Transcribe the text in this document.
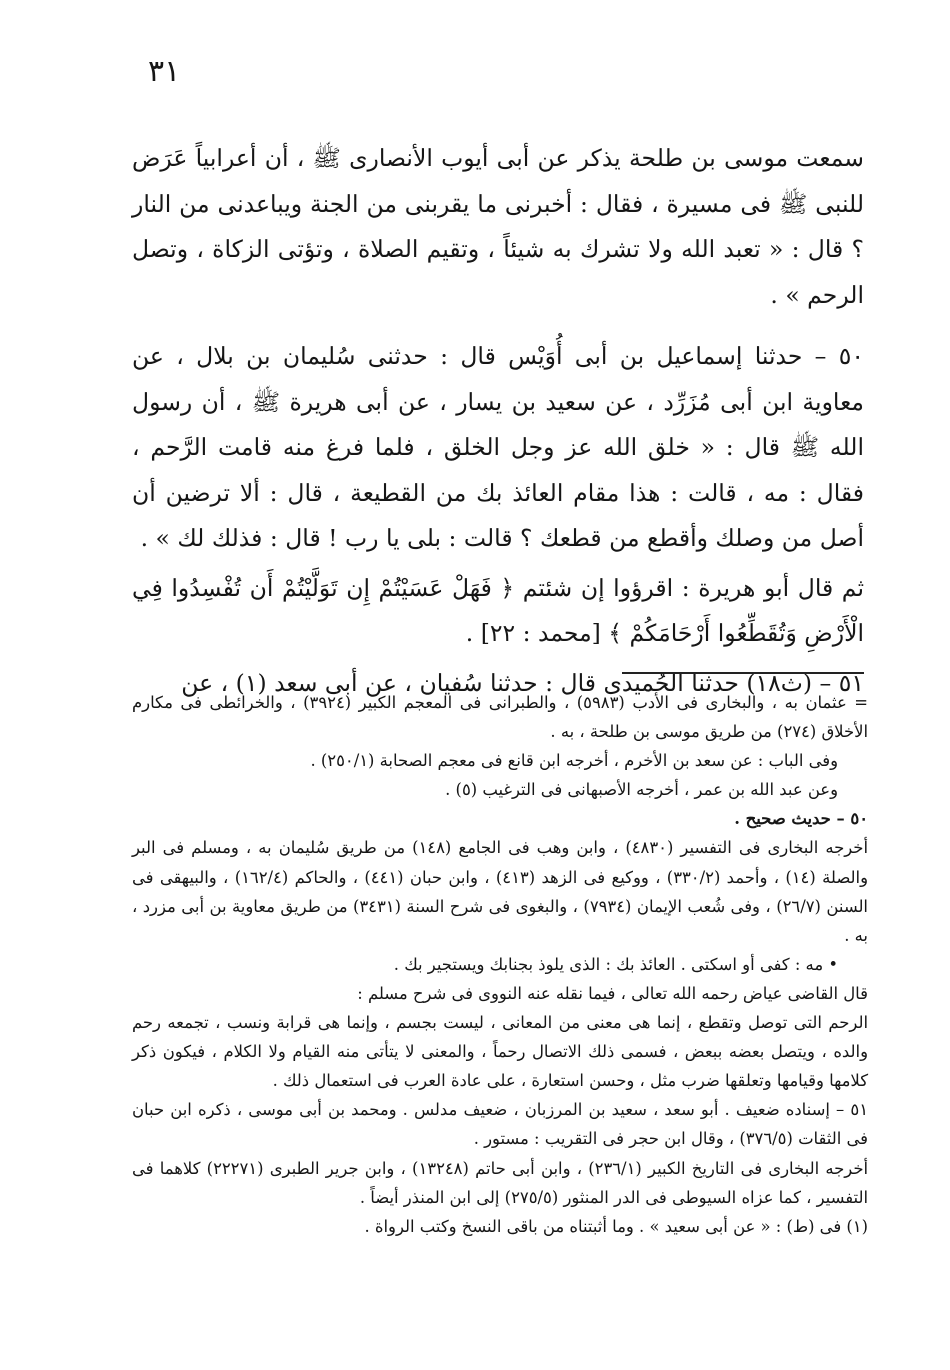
٣١

سمعت موسى بن طلحة يذكر عن أبى أيوب الأنصارى ﷺ ، أن أعرابياً عَرَض للنبى ﷺ فى مسيرة ، فقال : أخبرنى ما يقربنى من الجنة ويباعدنى من النار ؟ قال : « تعبد الله ولا تشرك به شيئاً ، وتقيم الصلاة ، وتؤتى الزكاة ، وتصل الرحم » .

٥٠ – حدثنا إسماعيل بن أبى أُوَيْس قال : حدثنى سُليمان بن بلال ، عن معاوية ابن أبى مُزَرِّد ، عن سعيد بن يسار ، عن أبى هريرة ﷺ ، أن رسول الله ﷺ قال : « خلق الله عز وجل الخلق ، فلما فرغ منه قامت الرَّحم ، فقال : مه ، قالت : هذا مقام العائذ بك من القطيعة ، قال : ألا ترضين أن أصل من وصلك وأقطع من قطعك ؟ قالت : بلى يا رب ! قال : فذلك لك » .

ثم قال أبو هريرة : اقرؤوا إن شئتم ﴿ فَهَلْ عَسَيْتُمْ إِن تَوَلَّيْتُمْ أَن تُفْسِدُوا فِي الْأَرْضِ وَتُقَطِّعُوا أَرْحَامَكُمْ ﴾ [محمد : ٢٢] .

٥١ – (ث١٨) حدثنا الحُميدى قال : حدثنا سُفيان ، عن أبى سعد (١) ، عن

= عثمان به ، والبخارى فى الأدب (٥٩٨٣) ، والطبرانى فى المعجم الكبير (٣٩٢٤) ، والخرائطى فى مكارم الأخلاق (٢٧٤) من طريق موسى بن طلحة ، به .

وفى الباب : عن سعد بن الأخرم ، أخرجه ابن قانع فى معجم الصحابة (٢٥٠/١) .

وعن عبد الله بن عمر ، أخرجه الأصبهانى فى الترغيب (٥) .

٥٠ – حديث صحيح .

أخرجه البخارى فى التفسير (٤٨٣٠) ، وابن وهب فى الجامع (١٤٨) من طريق سُليمان به ، ومسلم فى البر والصلة (١٤) ، وأحمد (٣٣٠/٢) ، ووكيع فى الزهد (٤١٣) ، وابن حبان (٤٤١) ، والحاكم (١٦٢/٤) ، والبيهقى فى السنن (٢٦/٧) ، وفى شُعب الإيمان (٧٩٣٤) ، والبغوى فى شرح السنة (٣٤٣١) من طريق معاوية بن أبى مزرد ، به .

• مه : كفى أو اسكتى . العائذ بك : الذى يلوذ بجنابك ويستجير بك .

قال القاضى عياض رحمه الله تعالى ، فيما نقله عنه النووى فى شرح مسلم :

الرحم التى توصل وتقطع ، إنما هى معنى من المعانى ، ليست بجسم ، وإنما هى قرابة ونسب ، تجمعه رحم والده ، ويتصل بعضه ببعض ، فسمى ذلك الاتصال رحماً ، والمعنى لا يتأتى منه القيام ولا الكلام ، فيكون ذكر كلامها وقيامها وتعلقها ضرب مثل ، وحسن استعارة ، على عادة العرب فى استعمال ذلك .

٥١ – إسناده ضعيف . أبو سعد ، سعيد بن المرزبان ، ضعيف مدلس . ومحمد بن أبى موسى ، ذكره ابن حبان فى الثقات (٣٧٦/٥) ، وقال ابن حجر فى التقريب : مستور .

أخرجه البخارى فى التاريخ الكبير (٢٣٦/١) ، وابن أبى حاتم (١٣٢٤٨) ، وابن جرير الطبرى (٢٢٢٧١) كلاهما فى التفسير ، كما عزاه السيوطى فى الدر المنثور (٢٧٥/٥) إلى ابن المنذر أيضاً .

(١) فى (ط) : « عن أبى سعيد » . وما أثبتناه من باقى النسخ وكتب الرواة .
